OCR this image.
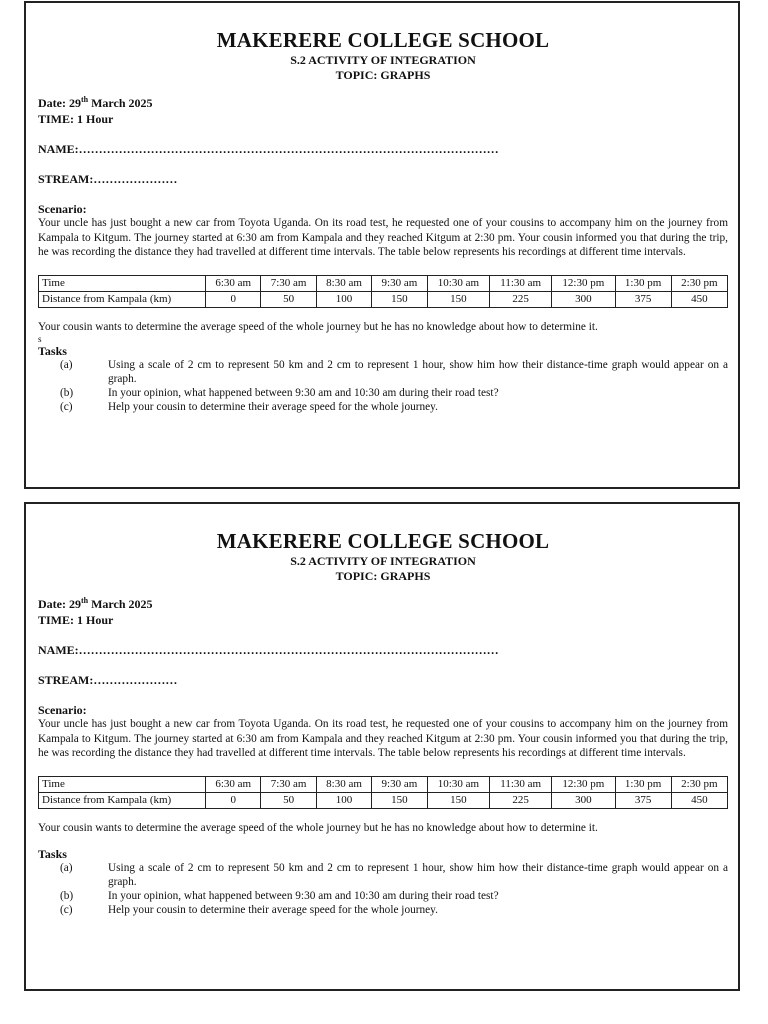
MAKERERE COLLEGE SCHOOL
S.2 ACTIVITY OF INTEGRATION
TOPIC: GRAPHS
Date: 29th March 2025
TIME: 1 Hour
NAME:……………………………………………………………………………………………
STREAM:…………………
Scenario:
Your uncle has just bought a new car from Toyota Uganda. On its road test, he requested one of your cousins to accompany him on the journey from Kampala to Kitgum. The journey started at 6:30 am from Kampala and they reached Kitgum at 2:30 pm. Your cousin informed you that during the trip, he was recording the distance they had travelled at different time intervals. The table below represents his recordings at different time intervals.
Time	6:30 am	7:30 am	8:30 am	9:30 am	10:30 am	11:30 am	12:30 pm	1:30 pm	2:30 pm
Distance from Kampala (km)	0	50	100	150	150	225	300	375	450
Your cousin wants to determine the average speed of the whole journey but he has no knowledge about how to determine it.
s
Tasks
(a)	Using a scale of 2 cm to represent 50 km and 2 cm to represent 1 hour, show him how their distance-time graph would appear on a graph.
(b)	In your opinion, what happened between 9:30 am and 10:30 am during their road test?
(c)	Help your cousin to determine their average speed for the whole journey.
MAKERERE COLLEGE SCHOOL
S.2 ACTIVITY OF INTEGRATION
TOPIC: GRAPHS
Date: 29th March 2025
TIME: 1 Hour
NAME:……………………………………………………………………………………………
STREAM:…………………
Scenario:
Your uncle has just bought a new car from Toyota Uganda. On its road test, he requested one of your cousins to accompany him on the journey from Kampala to Kitgum. The journey started at 6:30 am from Kampala and they reached Kitgum at 2:30 pm. Your cousin informed you that during the trip, he was recording the distance they had travelled at different time intervals. The table below represents his recordings at different time intervals.
Time	6:30 am	7:30 am	8:30 am	9:30 am	10:30 am	11:30 am	12:30 pm	1:30 pm	2:30 pm
Distance from Kampala (km)	0	50	100	150	150	225	300	375	450
Your cousin wants to determine the average speed of the whole journey but he has no knowledge about how to determine it.
Tasks
(a)	Using a scale of 2 cm to represent 50 km and 2 cm to represent 1 hour, show him how their distance-time graph would appear on a graph.
(b)	In your opinion, what happened between 9:30 am and 10:30 am during their road test?
(c)	Help your cousin to determine their average speed for the whole journey.
